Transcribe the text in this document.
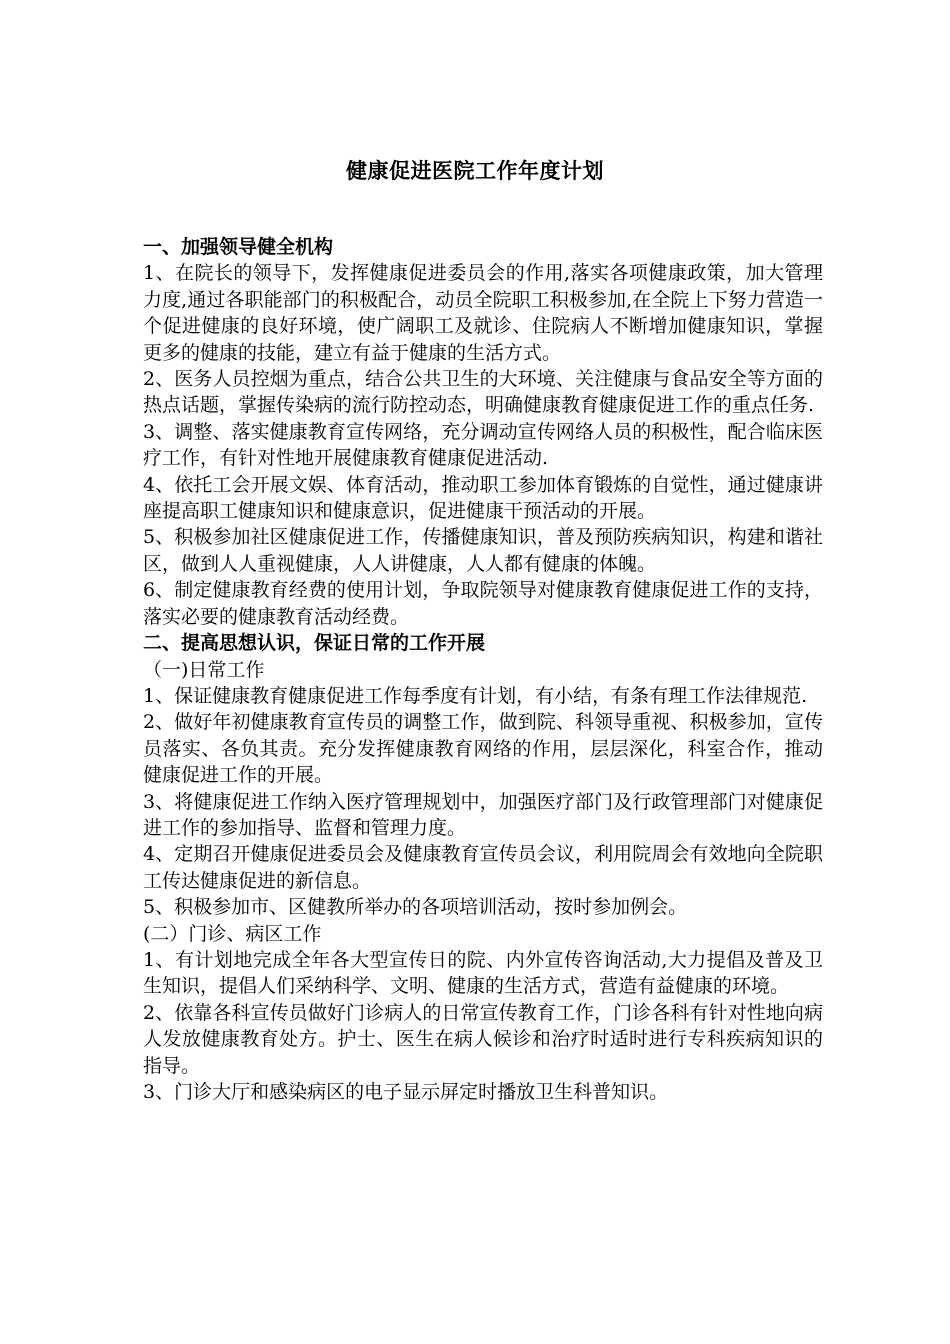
健康促进医院工作年度计划

一、加强领导健全机构

1、在院长的领导下，发挥健康促进委员会的作用,落实各项健康政策，加大管理力度,通过各职能部门的积极配合，动员全院职工积极参加,在全院上下努力营造一个促进健康的良好环境，使广阔职工及就诊、住院病人不断增加健康知识，掌握更多的健康的技能，建立有益于健康的生活方式。

2、医务人员控烟为重点，结合公共卫生的大环境、关注健康与食品安全等方面的热点话题，掌握传染病的流行防控动态，明确健康教育健康促进工作的重点任务.

3、调整、落实健康教育宣传网络，充分调动宣传网络人员的积极性，配合临床医疗工作，有针对性地开展健康教育健康促进活动.

4、依托工会开展文娱、体育活动，推动职工参加体育锻炼的自觉性，通过健康讲座提高职工健康知识和健康意识，促进健康干预活动的开展。

5、积极参加社区健康促进工作，传播健康知识，普及预防疾病知识，构建和谐社区，做到人人重视健康，人人讲健康，人人都有健康的体魄。

6、制定健康教育经费的使用计划，争取院领导对健康教育健康促进工作的支持，落实必要的健康教育活动经费。

二、提高思想认识，保证日常的工作开展

（一)日常工作

1、保证健康教育健康促进工作每季度有计划，有小结，有条有理工作法律规范.

2、做好年初健康教育宣传员的调整工作，做到院、科领导重视、积极参加，宣传员落实、各负其责。充分发挥健康教育网络的作用，层层深化，科室合作，推动健康促进工作的开展。

3、将健康促进工作纳入医疗管理规划中，加强医疗部门及行政管理部门对健康促进工作的参加指导、监督和管理力度。

4、定期召开健康促进委员会及健康教育宣传员会议，利用院周会有效地向全院职工传达健康促进的新信息。

5、积极参加市、区健教所举办的各项培训活动，按时参加例会。

(二）门诊、病区工作

1、有计划地完成全年各大型宣传日的院、内外宣传咨询活动,大力提倡及普及卫生知识，提倡人们采纳科学、文明、健康的生活方式，营造有益健康的环境。

2、依靠各科宣传员做好门诊病人的日常宣传教育工作，门诊各科有针对性地向病人发放健康教育处方。护士、医生在病人候诊和治疗时适时进行专科疾病知识的指导。

3、门诊大厅和感染病区的电子显示屏定时播放卫生科普知识。
